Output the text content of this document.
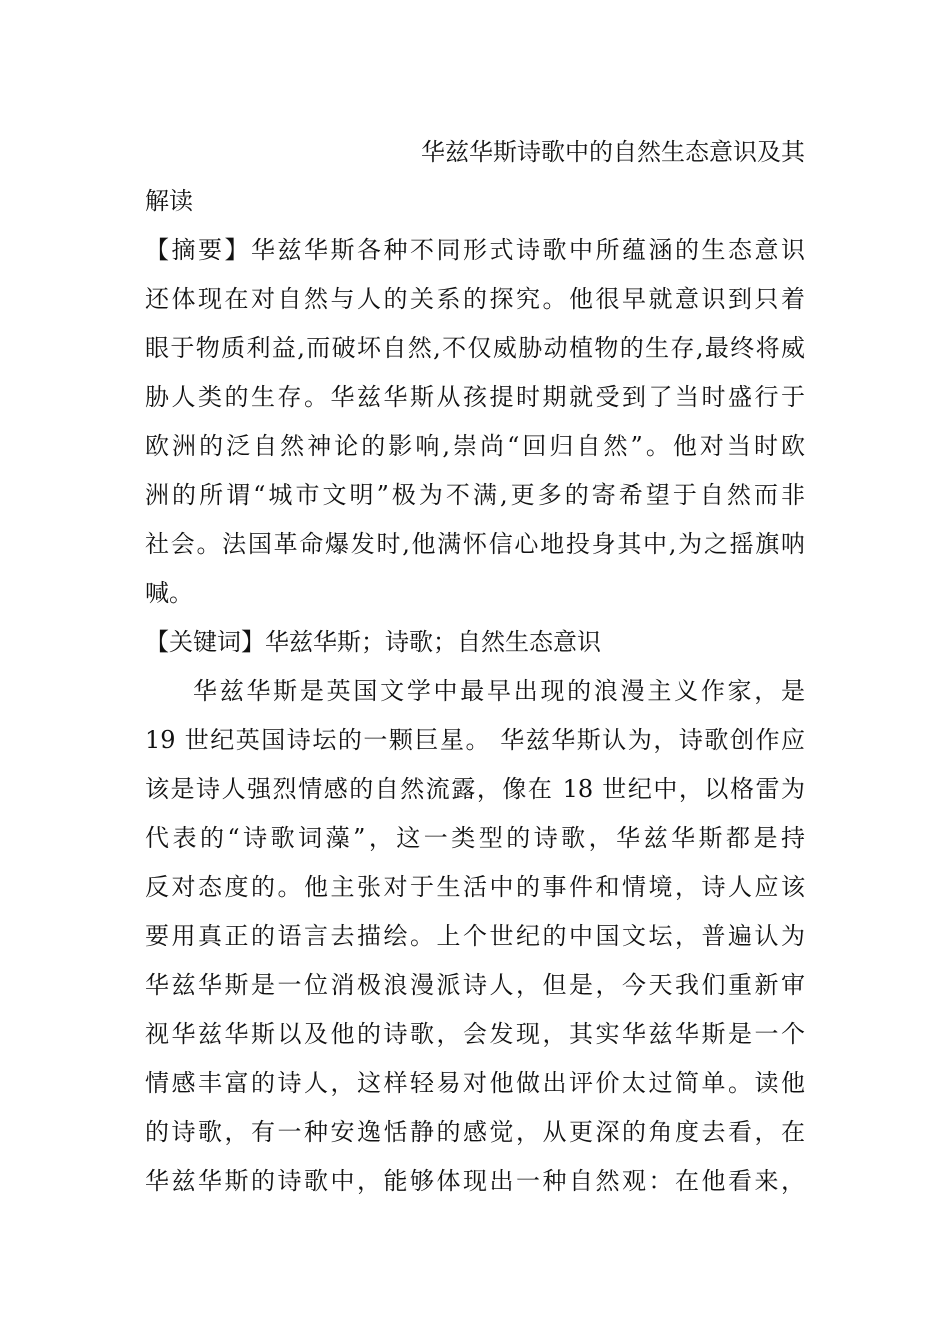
华兹华斯诗歌中的自然生态意识及其
解读
【摘要】华兹华斯各种不同形式诗歌中所蕴涵的生态意识
还体现在对自然与人的关系的探究。他很早就意识到只着
眼于物质利益,而破坏自然,不仅威胁动植物的生存,最终将威
胁人类的生存。华兹华斯从孩提时期就受到了当时盛行于
欧洲的泛自然神论的影响,崇尚“回归自然”。他对当时欧
洲的所谓“城市文明”极为不满,更多的寄希望于自然而非
社会。法国革命爆发时,他满怀信心地投身其中,为之摇旗呐
喊。
【关键词】华兹华斯；诗歌；自然生态意识
华兹华斯是英国文学中最早出现的浪漫主义作家，是
19 世纪英国诗坛的一颗巨星。 华兹华斯认为，诗歌创作应
该是诗人强烈情感的自然流露，像在 18 世纪中，以格雷为
代表的“诗歌词藻”，这一类型的诗歌，华兹华斯都是持
反对态度的。他主张对于生活中的事件和情境，诗人应该
要用真正的语言去描绘。上个世纪的中国文坛，普遍认为
华兹华斯是一位消极浪漫派诗人，但是，今天我们重新审
视华兹华斯以及他的诗歌，会发现，其实华兹华斯是一个
情感丰富的诗人，这样轻易对他做出评价太过简单。读他
的诗歌，有一种安逸恬静的感觉，从更深的角度去看，在
华兹华斯的诗歌中，能够体现出一种自然观：在他看来，
